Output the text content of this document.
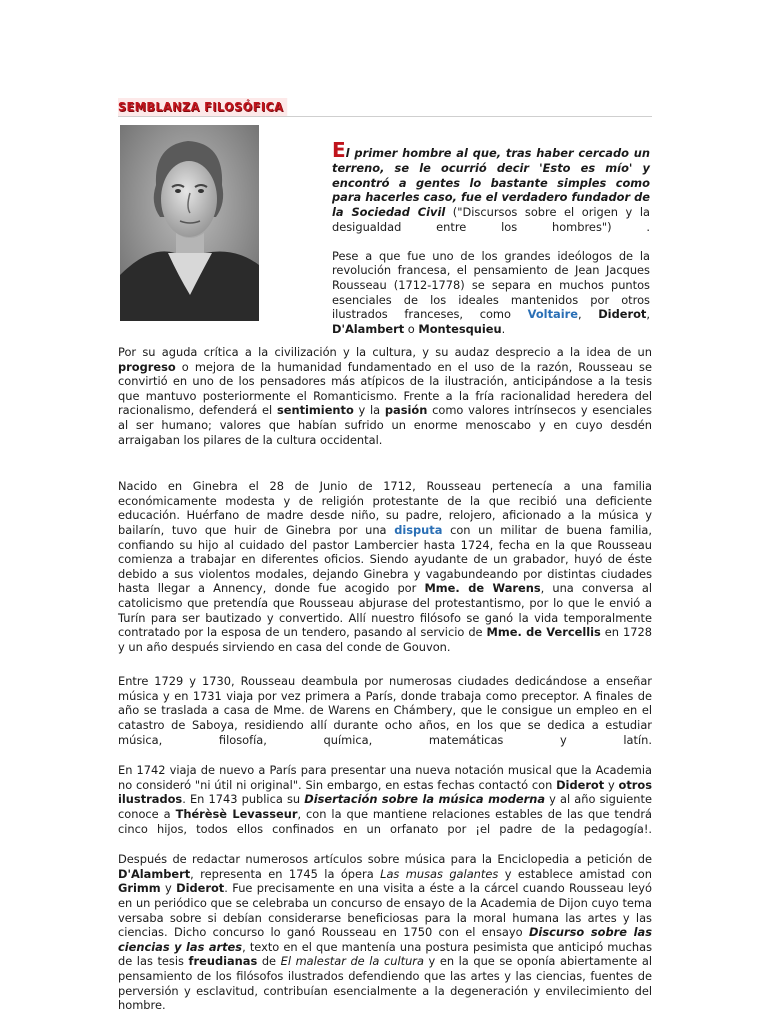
SEMBLANZA FILOSÓFICA

El primer hombre al que, tras haber cercado un terreno, se le ocurrió decir 'Esto es mío' y encontró a gentes lo bastante simples como para hacerles caso, fue el verdadero fundador de la Sociedad Civil ("Discursos sobre el origen y la desigualdad entre los hombres") .

Pese a que fue uno de los grandes ideólogos de la revolución francesa, el pensamiento de Jean Jacques Rousseau (1712-1778) se separa en muchos puntos esenciales de los ideales mantenidos por otros ilustrados franceses, como Voltaire, Diderot, D'Alambert o Montesquieu.

Por su aguda crítica a la civilización y la cultura, y su audaz desprecio a la idea de un progreso o mejora de la humanidad fundamentado en el uso de la razón, Rousseau se convirtió en uno de los pensadores más atípicos de la ilustración, anticipándose a la tesis que mantuvo posteriormente el Romanticismo. Frente a la fría racionalidad heredera del racionalismo, defenderá el sentimiento y la pasión como valores intrínsecos y esenciales al ser humano; valores que habían sufrido un enorme menoscabo y en cuyo desdén arraigaban los pilares de la cultura occidental.

Nacido en Ginebra el 28 de Junio de 1712, Rousseau pertenecía a una familia económicamente modesta y de religión protestante de la que recibió una deficiente educación. Huérfano de madre desde niño, su padre, relojero, aficionado a la música y bailarín, tuvo que huir de Ginebra por una disputa con un militar de buena familia, confiando su hijo al cuidado del pastor Lambercier hasta 1724, fecha en la que Rousseau comienza a trabajar en diferentes oficios. Siendo ayudante de un grabador, huyó de éste debido a sus violentos modales, dejando Ginebra y vagabundeando por distintas ciudades hasta llegar a Annency, donde fue acogido por Mme. de Warens, una conversa al catolicismo que pretendía que Rousseau abjurase del protestantismo, por lo que le envió a Turín para ser bautizado y convertido. Allí nuestro filósofo se ganó la vida temporalmente contratado por la esposa de un tendero, pasando al servicio de Mme. de Vercellis en 1728 y un año después sirviendo en casa del conde de Gouvon.

Entre 1729 y 1730, Rousseau deambula por numerosas ciudades dedicándose a enseñar música y en 1731 viaja por vez primera a París, donde trabaja como preceptor. A finales de año se traslada a casa de Mme. de Warens en Chámbery, que le consigue un empleo en el catastro de Saboya, residiendo allí durante ocho años, en los que se dedica a estudiar música, filosofía, química, matemáticas y latín.

En 1742 viaja de nuevo a París para presentar una nueva notación musical que la Academia no consideró "ni útil ni original". Sin embargo, en estas fechas contactó con Diderot y otros ilustrados. En 1743 publica su Disertación sobre la música moderna y al año siguiente conoce a Thérèsè Levasseur, con la que mantiene relaciones estables de las que tendrá cinco hijos, todos ellos confinados en un orfanato por ¡el padre de la pedagogía!.

Después de redactar numerosos artículos sobre música para la Enciclopedia a petición de D'Alambert, representa en 1745 la ópera Las musas galantes y establece amistad con Grimm y Diderot. Fue precisamente en una visita a éste a la cárcel cuando Rousseau leyó en un periódico que se celebraba un concurso de ensayo de la Academia de Dijon cuyo tema versaba sobre si debían considerarse beneficiosas para la moral humana las artes y las ciencias. Dicho concurso lo ganó Rousseau en 1750 con el ensayo Discurso sobre las ciencias y las artes, texto en el que mantenía una postura pesimista que anticipó muchas de las tesis freudianas de El malestar de la cultura y en la que se oponía abiertamente al pensamiento de los filósofos ilustrados defendiendo que las artes y las ciencias, fuentes de perversión y esclavitud, contribuían esencialmente a la degeneración y envilecimiento del hombre.
